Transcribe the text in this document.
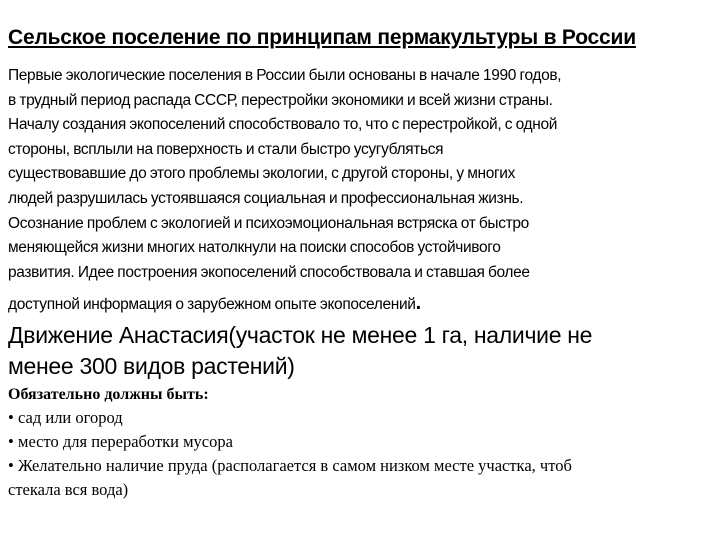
Сельское поселение по принципам пермакультуры в России

Первые экологические поселения в России были основаны в начале 1990 годов,
в трудный период распада СССР, перестройки экономики и всей жизни страны.
Началу создания экопоселений способствовало то, что с перестройкой, с одной
стороны, всплыли на поверхность и стали быстро усугубляться
существовавшие до этого проблемы экологии, с другой стороны, у многих
людей разрушилась устоявшаяся социальная и профессиональная жизнь.
Осознание проблем с экологией и психоэмоциональная встряска от быстро
меняющейся жизни многих натолкнули на поиски способов устойчивого
развития. Идее построения экопоселений способствовала и ставшая более
доступной информация о зарубежном опыте экопоселений.

Движение Анастасия(участок не менее 1 га, наличие не
менее 300 видов растений)
Обязательно должны быть:
• сад или огород
• место для переработки мусора
• Желательно наличие пруда (располагается в самом низком месте участка, чтоб
стекала вся вода)
